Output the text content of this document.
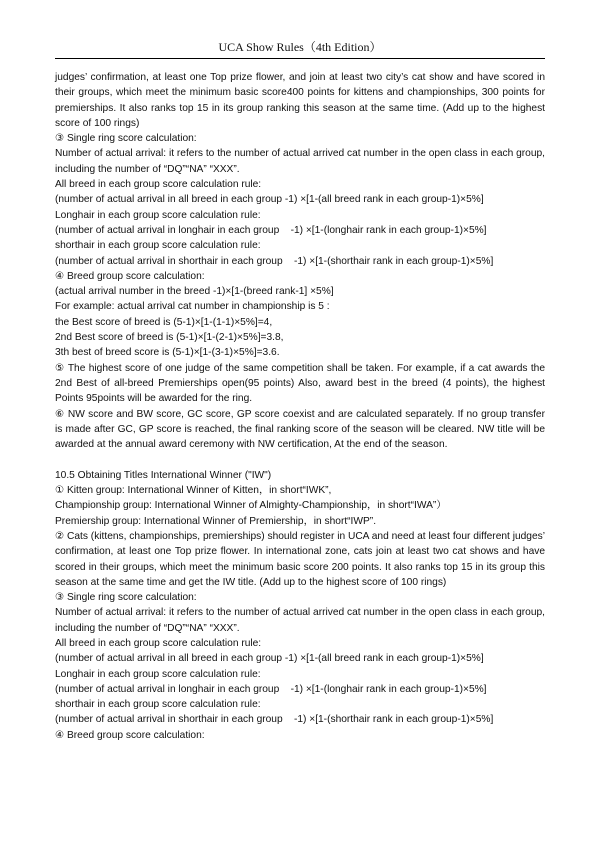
UCA Show Rules（4th Edition）

judges’ confirmation, at least one Top prize flower, and join at least two city’s cat show and have scored in their groups, which meet the minimum basic score400 points for kittens and championships, 300 points for premierships. It also ranks top 15 in its group ranking this season at the same time. (Add up to the highest score of 100 rings)

③ Single ring score calculation:

Number of actual arrival: it refers to the number of actual arrived cat number in the open class in each group, including the number of “DQ”“NA” “XXX”.

All breed in each group score calculation rule:

(number of actual arrival in all breed in each group -1) ×[1-(all breed rank in each group-1)×5%]

Longhair in each group score calculation rule:

(number of actual arrival in longhair in each group    -1) ×[1-(longhair rank in each group-1)×5%]

shorthair in each group score calculation rule:

(number of actual arrival in shorthair in each group    -1) ×[1-(shorthair rank in each group-1)×5%]

④ Breed group score calculation:

(actual arrival number in the breed -1)×[1-(breed rank-1] ×5%]

For example: actual arrival cat number in championship is 5 :

the Best score of breed is (5-1)×[1-(1-1)×5%]=4,

2nd Best score of breed is (5-1)×[1-(2-1)×5%]=3.8,

3th best of breed score is (5-1)×[1-(3-1)×5%]=3.6.

⑤ The highest score of one judge of the same competition shall be taken. For example, if a cat awards the 2nd Best of all-breed Premierships open(95 points) Also, award best in the breed (4 points), the highest Points 95points will be awarded for the ring.

⑥ NW score and BW score, GC score, GP score coexist and are calculated separately. If no group transfer is made after GC, GP score is reached, the final ranking score of the season will be cleared. NW title will be awarded at the annual award ceremony with NW certification, At the end of the season.

10.5 Obtaining Titles International Winner ("IW")

① Kitten group: International Winner of Kitten，in short“IWK”,

Championship group: International Winner of Almighty-Championship，in short“IWA”）

Premiership group: International Winner of Premiership，in short“IWP”.

② Cats (kittens, championships, premierships) should register in UCA and need at least four different judges’ confirmation, at least one Top prize flower. In international zone, cats join at least two cat shows and have scored in their groups, which meet the minimum basic score 200 points. It also ranks top 15 in its group this season at the same time and get the IW title. (Add up to the highest score of 100 rings)

③ Single ring score calculation:

Number of actual arrival: it refers to the number of actual arrived cat number in the open class in each group, including the number of “DQ”“NA” “XXX”.

All breed in each group score calculation rule:

(number of actual arrival in all breed in each group -1) ×[1-(all breed rank in each group-1)×5%]

Longhair in each group score calculation rule:

(number of actual arrival in longhair in each group    -1) ×[1-(longhair rank in each group-1)×5%]

shorthair in each group score calculation rule:

(number of actual arrival in shorthair in each group    -1) ×[1-(shorthair rank in each group-1)×5%]

④ Breed group score calculation:
